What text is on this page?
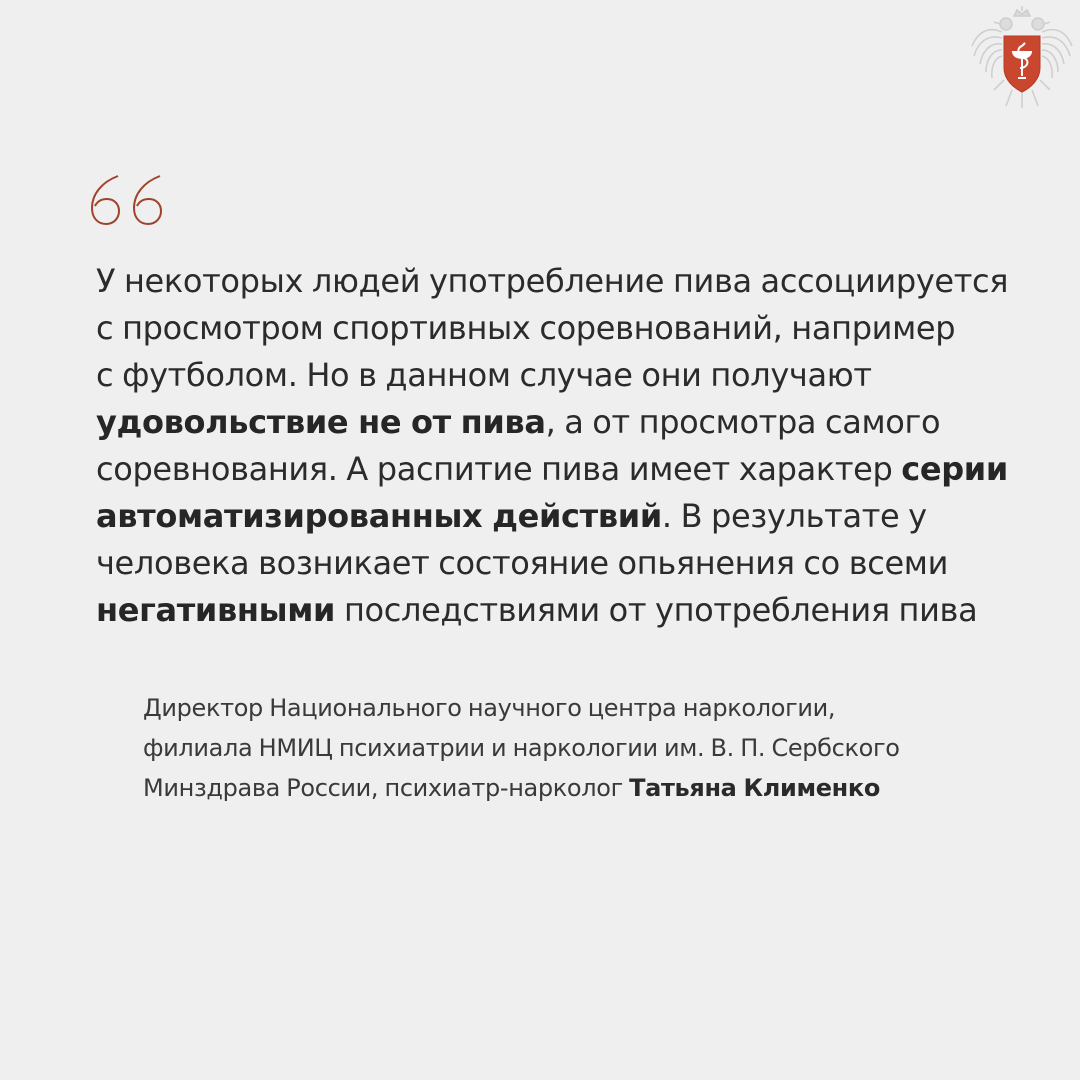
У некоторых людей употребление пива ассоциируется
с просмотром спортивных соревнований, например
с футболом. Но в данном случае они получают
удовольствие не от пива, а от просмотра самого
соревнования. А распитие пива имеет характер серии
автоматизированных действий. В результате у
человека возникает состояние опьянения со всеми
негативными последствиями от употребления пива

Директор Национального научного центра наркологии,
филиала НМИЦ психиатрии и наркологии им. В. П. Сербского
Минздрава России, психиатр-нарколог Татьяна Клименко
